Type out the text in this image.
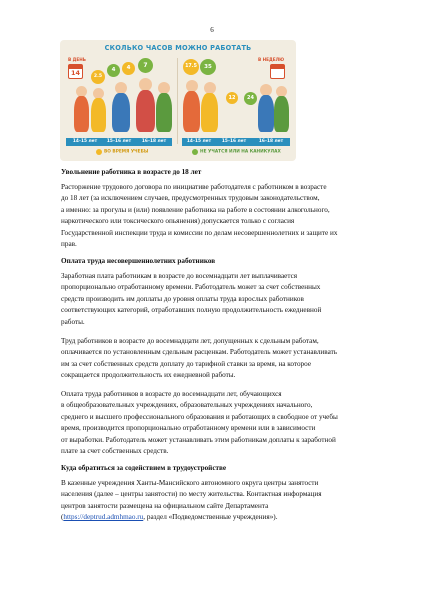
6
СКОЛЬКО ЧАСОВ МОЖНО РАБОТАТЬ
В ДЕНЬ
14	2.5
4	4	7
В НЕДЕЛЮ
17.5	35
12	24
14–15 лет	15–16 лет	16–18 лет	14–15 лет	15–16 лет	16–18 лет
ВО ВРЕМЯ УЧЕБЫ	НЕ УЧАТСЯ ИЛИ НА КАНИКУЛАХ
Увольнение работника в возрасте до 18 лет
Расторжение трудового договора по инициативе работодателя с работником в возрасте
до 18 лет (за исключением случаев, предусмотренных трудовым законодательством,
а именно: за прогулы и (или) появление работника на работе в состоянии алкогольного,
наркотического или токсического опьянения) допускается только с согласия
Государственной инспекции труда и комиссии по делам несовершеннолетних и защите их
прав.
Оплата труда несовершеннолетних работников
Заработная плата работникам в возрасте до восемнадцати лет выплачивается
пропорционально отработанному времени. Работодатель может за счет собственных
средств производить им доплаты до уровня оплаты труда взрослых работников
соответствующих категорий, отработавших полную продолжительность ежедневной
работы.
Труд работников в возрасте до восемнадцати лет, допущенных к сдельным работам,
оплачивается по установленным сдельным расценкам. Работодатель может устанавливать
им за счет собственных средств доплату до тарифной ставки за время, на которое
сокращается продолжительность их ежедневной работы.
Оплата труда работников в возрасте до восемнадцати лет, обучающихся
в общеобразовательных учреждениях, образовательных учреждениях начального,
среднего и высшего профессионального образования и работающих в свободное от учебы
время, производится пропорционально отработанному времени или в зависимости
от выработки. Работодатель может устанавливать этим работникам доплаты к заработной
плате за счет собственных средств.
Куда обратиться за содействием в трудоустройстве
В казенные учреждения Ханты-Мансийского автономного округа центры занятости
населения (далее – центры занятости) по месту жительства. Контактная информация
центров занятости размещена на официальном сайте Департамента
(https://deptrud.admhmao.ru, раздел «Подведомственные учреждения»).
